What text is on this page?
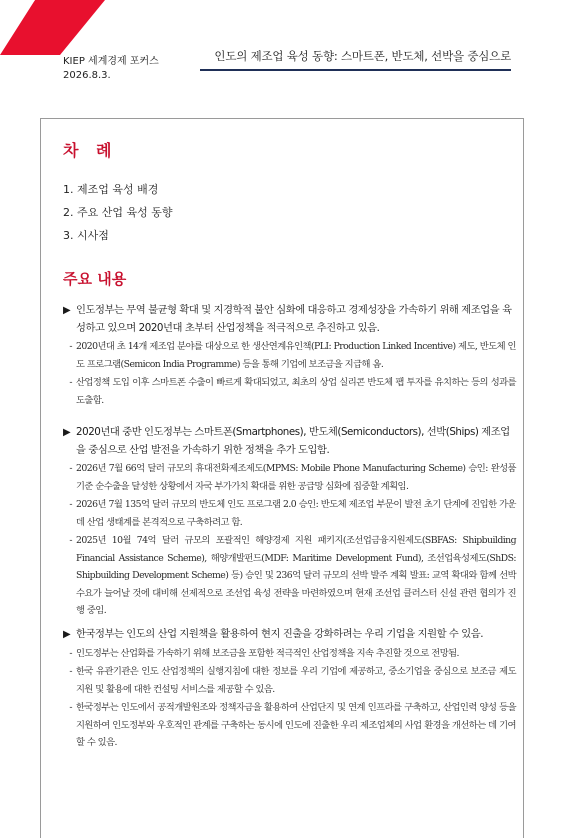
KIEP 세계경제 포커스
2026.8.3.
인도의 제조업 육성 동향: 스마트폰, 반도체, 선박을 중심으로
차 례
1. 제조업 육성 배경
2. 주요 산업 육성 동향
3. 시사점
주요 내용
▶ 인도정부는 무역 불균형 확대 및 지경학적 불안 심화에 대응하고 경제성장을 가속하기 위해 제조업을 육성하고 있으며 2020년대 초부터 산업정책을 적극적으로 추진하고 있음.
- 2020년대 초 14개 제조업 분야를 대상으로 한 생산연계유인책(PLI: Production Linked Incentive) 제도, 반도체 인도 프로그램(Semicon India Programme) 등을 통해 기업에 보조금을 지급해 옴.
- 산업정책 도입 이후 스마트폰 수출이 빠르게 확대되었고, 최초의 상업 실리콘 반도체 팹 투자를 유치하는 등의 성과를 도출함.
▶ 2020년대 중반 인도정부는 스마트폰(Smartphones), 반도체(Semiconductors), 선박(Ships) 제조업을 중심으로 산업 발전을 가속하기 위한 정책을 추가 도입함.
- 2026년 7월 66억 달러 규모의 휴대전화제조제도(MPMS: Mobile Phone Manufacturing Scheme) 승인: 완성품 기준 순수출을 달성한 상황에서 자국 부가가치 확대를 위한 공급망 심화에 집중할 계획임.
- 2026년 7월 135억 달러 규모의 반도체 인도 프로그램 2.0 승인: 반도체 제조업 부문이 발전 초기 단계에 진입한 가운데 산업 생태계를 본격적으로 구축하려고 함.
- 2025년 10월 74억 달러 규모의 포괄적인 해양경제 지원 패키지(조선업금융지원제도(SBFAS: Shipbuilding Financial Assistance Scheme), 해양개발펀드(MDF: Maritime Development Fund), 조선업육성제도(ShDS: Shipbuilding Development Scheme) 등) 승인 및 236억 달러 규모의 선박 발주 계획 발표: 교역 확대와 함께 선박 수요가 늘어날 것에 대비해 선제적으로 조선업 육성 전략을 마련하였으며 현재 조선업 클러스터 신설 관련 협의가 진행 중임.
▶ 한국정부는 인도의 산업 지원책을 활용하여 현지 진출을 강화하려는 우리 기업을 지원할 수 있음.
- 인도정부는 산업화를 가속하기 위해 보조금을 포함한 적극적인 산업정책을 지속 추진할 것으로 전망됨.
- 한국 유관기관은 인도 산업정책의 실행지침에 대한 정보를 우리 기업에 제공하고, 중소기업을 중심으로 보조금 제도 지원 및 활용에 대한 컨설팅 서비스를 제공할 수 있음.
- 한국정부는 인도에서 공적개발원조와 정책자금을 활용하여 산업단지 및 연계 인프라를 구축하고, 산업인력 양성 등을 지원하여 인도정부와 우호적인 관계를 구축하는 동시에 인도에 진출한 우리 제조업체의 사업 환경을 개선하는 데 기여할 수 있음.
